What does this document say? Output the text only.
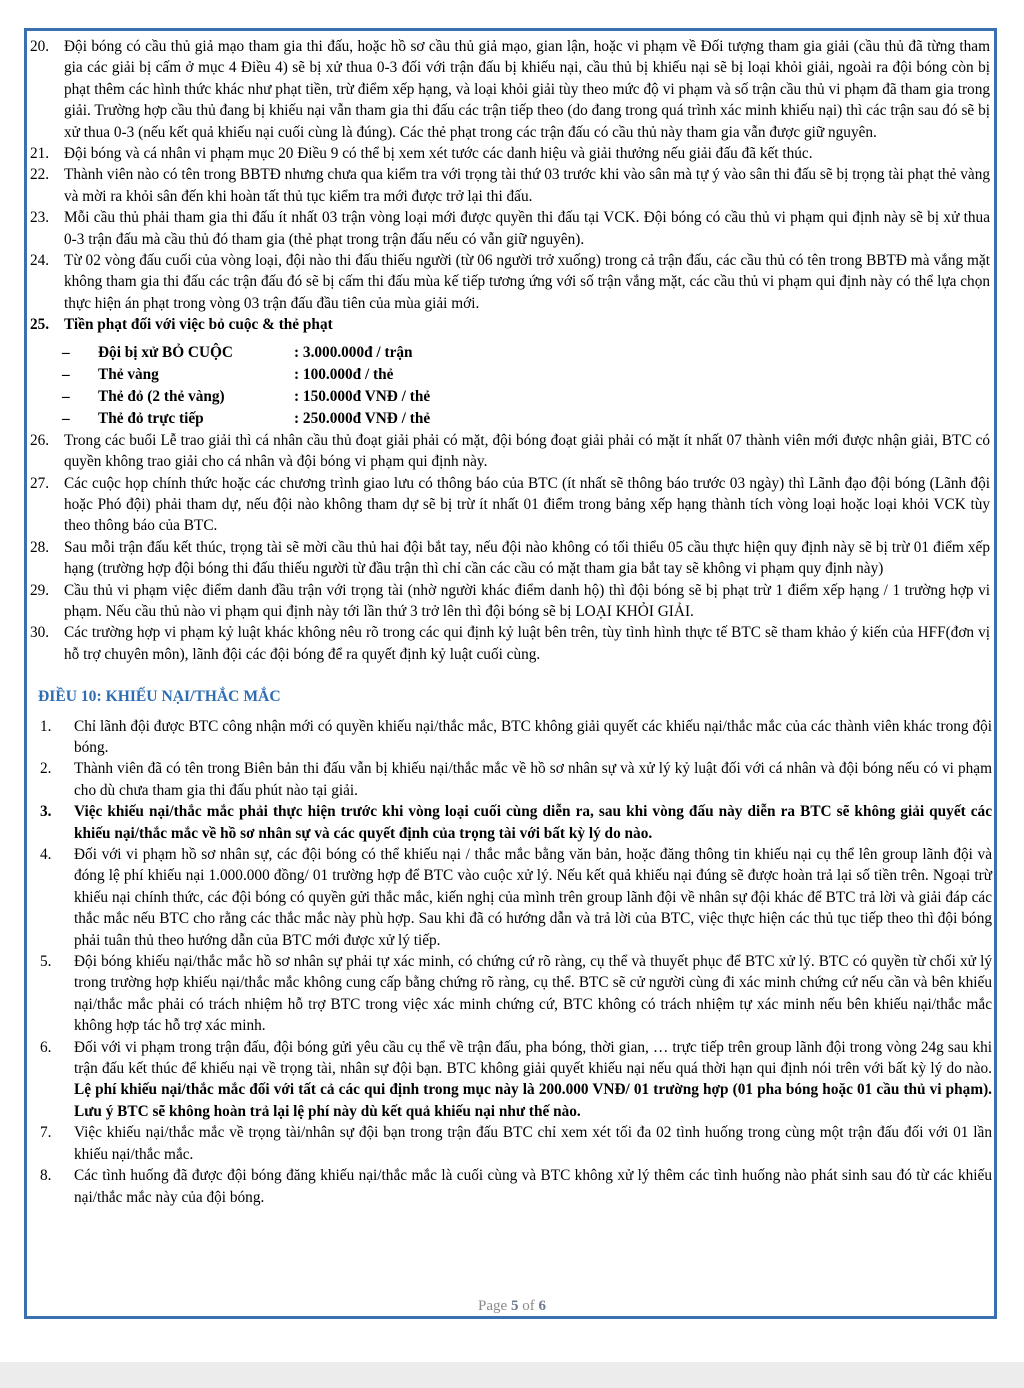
20. Đội bóng có cầu thủ giả mạo tham gia thi đấu, hoặc hồ sơ cầu thủ giả mạo, gian lận, hoặc vi phạm về Đối tượng tham gia giải (cầu thủ đã từng tham gia các giải bị cấm ở mục 4 Điều 4) sẽ bị xử thua 0-3 đối với trận đấu bị khiếu nại, cầu thủ bị khiếu nại sẽ bị loại khỏi giải, ngoài ra đội bóng còn bị phạt thêm các hình thức khác như phạt tiền, trừ điểm xếp hạng, và loại khỏi giải tùy theo mức độ vi phạm và số trận cầu thủ vi phạm đã tham gia trong giải. Trường hợp cầu thủ đang bị khiếu nại vẫn tham gia thi đấu các trận tiếp theo (do đang trong quá trình xác minh khiếu nại) thì các trận sau đó sẽ bị xử thua 0-3 (nếu kết quả khiếu nại cuối cùng là đúng). Các thẻ phạt trong các trận đấu có cầu thủ này tham gia vẫn được giữ nguyên.
21. Đội bóng và cá nhân vi phạm mục 20 Điều 9 có thể bị xem xét tước các danh hiệu và giải thưởng nếu giải đấu đã kết thúc.
22. Thành viên nào có tên trong BBTĐ nhưng chưa qua kiểm tra với trọng tài thứ 03 trước khi vào sân mà tự ý vào sân thi đấu sẽ bị trọng tài phạt thẻ vàng và mời ra khỏi sân đến khi hoàn tất thủ tục kiểm tra mới được trở lại thi đấu.
23. Mỗi cầu thủ phải tham gia thi đấu ít nhất 03 trận vòng loại mới được quyền thi đấu tại VCK. Đội bóng có cầu thủ vi phạm qui định này sẽ bị xử thua 0-3 trận đấu mà cầu thủ đó tham gia (thẻ phạt trong trận đấu nếu có vẫn giữ nguyên).
24. Từ 02 vòng đấu cuối của vòng loại, đội nào thi đấu thiếu người (từ 06 người trở xuống) trong cả trận đấu, các cầu thủ có tên trong BBTĐ mà vắng mặt không tham gia thi đấu các trận đấu đó sẽ bị cấm thi đấu mùa kế tiếp tương ứng với số trận vắng mặt, các cầu thủ vi phạm qui định này có thể lựa chọn thực hiện án phạt trong vòng 03 trận đấu đầu tiên của mùa giải mới.
25. Tiền phạt đối với việc bỏ cuộc & thẻ phạt
–	Đội bị xử BỎ CUỘC	: 3.000.000đ / trận
–	Thẻ vàng	: 100.000đ / thẻ
–	Thẻ đỏ (2 thẻ vàng)	: 150.000đ VNĐ / thẻ
–	Thẻ đỏ trực tiếp	: 250.000đ VNĐ / thẻ
26. Trong các buổi Lễ trao giải thì cá nhân cầu thủ đoạt giải phải có mặt, đội bóng đoạt giải phải có mặt ít nhất 07 thành viên mới được nhận giải, BTC có quyền không trao giải cho cá nhân và đội bóng vi phạm qui định này.
27. Các cuộc họp chính thức hoặc các chương trình giao lưu có thông báo của BTC (ít nhất sẽ thông báo trước 03 ngày) thì Lãnh đạo đội bóng (Lãnh đội hoặc Phó đội) phải tham dự, nếu đội nào không tham dự sẽ bị trừ ít nhất 01 điểm trong bảng xếp hạng thành tích vòng loại hoặc loại khỏi VCK tùy theo thông báo của BTC.
28. Sau mỗi trận đấu kết thúc, trọng tài sẽ mời cầu thủ hai đội bắt tay, nếu đội nào không có tối thiểu 05 cầu thực hiện quy định này sẽ bị trừ 01 điểm xếp hạng (trường hợp đội bóng thi đấu thiếu người từ đầu trận thì chỉ cần các cầu có mặt tham gia bắt tay sẽ không vi phạm quy định này)
29. Cầu thủ vi phạm việc điểm danh đầu trận với trọng tài (nhờ người khác điểm danh hộ) thì đội bóng sẽ bị phạt trừ 1 điểm xếp hạng / 1 trường hợp vi phạm. Nếu cầu thủ nào vi phạm qui định này tới lần thứ 3 trở lên thì đội bóng sẽ bị LOẠI KHỎI GIẢI.
30. Các trường hợp vi phạm kỷ luật khác không nêu rõ trong các qui định kỷ luật bên trên, tùy tình hình thực tế BTC sẽ tham khảo ý kiến của HFF(đơn vị hỗ trợ chuyên môn), lãnh đội các đội bóng để ra quyết định kỷ luật cuối cùng.
ĐIỀU 10: KHIẾU NẠI/THẮC MẮC
1.	Chỉ lãnh đội được BTC công nhận mới có quyền khiếu nại/thắc mắc, BTC không giải quyết các khiếu nại/thắc mắc của các thành viên khác trong đội bóng.
2.	Thành viên đã có tên trong Biên bản thi đấu vẫn bị khiếu nại/thắc mắc về hồ sơ nhân sự và xử lý kỷ luật đối với cá nhân và đội bóng nếu có vi phạm cho dù chưa tham gia thi đấu phút nào tại giải.
3.	Việc khiếu nại/thắc mắc phải thực hiện trước khi vòng loại cuối cùng diễn ra, sau khi vòng đấu này diễn ra BTC sẽ không giải quyết các khiếu nại/thắc mắc về hồ sơ nhân sự và các quyết định của trọng tài với bất kỳ lý do nào.
4.	Đối với vi phạm hồ sơ nhân sự, các đội bóng có thể khiếu nại / thắc mắc bằng văn bản, hoặc đăng thông tin khiếu nại cụ thể lên group lãnh đội và đóng lệ phí khiếu nại 1.000.000 đồng/ 01 trường hợp để BTC vào cuộc xử lý. Nếu kết quả khiếu nại đúng sẽ được hoàn trả lại số tiền trên. Ngoại trừ khiếu nại chính thức, các đội bóng có quyền gửi thắc mắc, kiến nghị của mình trên group lãnh đội về nhân sự đội khác để BTC trả lời và giải đáp các thắc mắc nếu BTC cho rằng các thắc mắc này phù hợp. Sau khi đã có hướng dẫn và trả lời của BTC, việc thực hiện các thủ tục tiếp theo thì đội bóng phải tuân thủ theo hướng dẫn của BTC mới được xử lý tiếp.
5.	Đội bóng khiếu nại/thắc mắc hồ sơ nhân sự phải tự xác minh, có chứng cứ rõ ràng, cụ thể và thuyết phục để BTC xử lý. BTC có quyền từ chối xử lý trong trường hợp khiếu nại/thắc mắc không cung cấp bằng chứng rõ ràng, cụ thể. BTC sẽ cử người cùng đi xác minh chứng cứ nếu cần và bên khiếu nại/thắc mắc phải có trách nhiệm hỗ trợ BTC trong việc xác minh chứng cứ, BTC không có trách nhiệm tự xác minh nếu bên khiếu nại/thắc mắc không hợp tác hỗ trợ xác minh.
6.	Đối với vi phạm trong trận đấu, đội bóng gửi yêu cầu cụ thể về trận đấu, pha bóng, thời gian, … trực tiếp trên group lãnh đội trong vòng 24g sau khi trận đấu kết thúc để khiếu nại về trọng tài, nhân sự đội bạn. BTC không giải quyết khiếu nại nếu quá thời hạn qui định nói trên với bất kỳ lý do nào. Lệ phí khiếu nại/thắc mắc đối với tất cả các qui định trong mục này là 200.000 VNĐ/ 01 trường hợp (01 pha bóng hoặc 01 cầu thủ vi phạm). Lưu ý BTC sẽ không hoàn trả lại lệ phí này dù kết quả khiếu nại như thế nào.
7.	Việc khiếu nại/thắc mắc về trọng tài/nhân sự đội bạn trong trận đấu BTC chỉ xem xét tối đa 02 tình huống trong cùng một trận đấu đối với 01 lần khiếu nại/thắc mắc.
8.	Các tình huống đã được đội bóng đăng khiếu nại/thắc mắc là cuối cùng và BTC không xử lý thêm các tình huống nào phát sinh sau đó từ các khiếu nại/thắc mắc này của đội bóng.
Page 5 of 6
